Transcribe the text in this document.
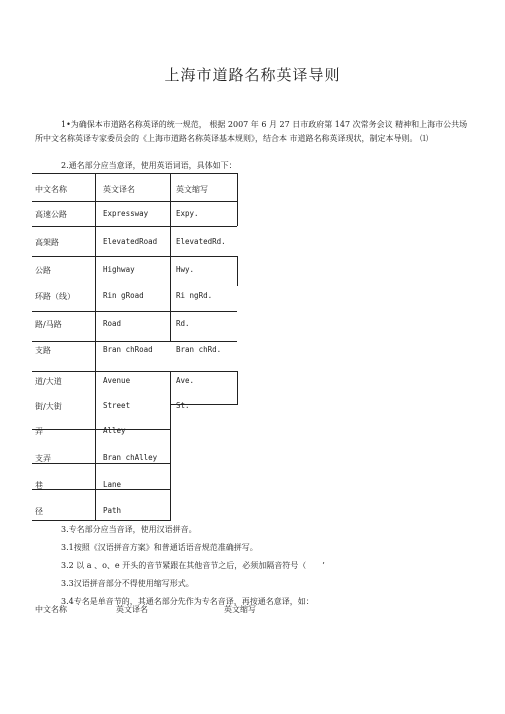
上海市道路名称英译导则
1•为确保本市道路名称英译的统一规范， 根据 2007 年 6 月 27 日市政府第 147 次常务会议 精神和上海市公共场所中文名称英译专家委员会的《上海市道路名称英译基本规则》，结合本 市道路名称英译现状，制定本导则。 ⑴
2.通名部分应当意译，使用英语词语，具体如下：
中文名称	英文译名	英文缩写
高速公路	Expressway	Expy.
高架路	ElevatedRoad	ElevatedRd.
公路	Highway	Hwy.
环路（线）	Rin gRoad	Ri ngRd.
路/马路	Road	Rd.
支路	Bran chRoad	Bran chRd.
道/大道	Avenue	Ave.
街/大街	Street	St.
弄	Alley
支弄	Bran chAlley
巷	Lane
径	Path
3.专名部分应当音译，使用汉语拼音。
3.1按照《汉语拼音方案》和普通话语音规范准确拼写。
3.2 以 a 、o、e 开头的音节紧跟在其他音节之后，必须加隔音符号（　　’
3.3汉语拼音部分不得使用缩写形式。
3.4专名是单音节的，其通名部分先作为专名音译，再按通名意译，如：
中文名称	英文译名	英文缩写
